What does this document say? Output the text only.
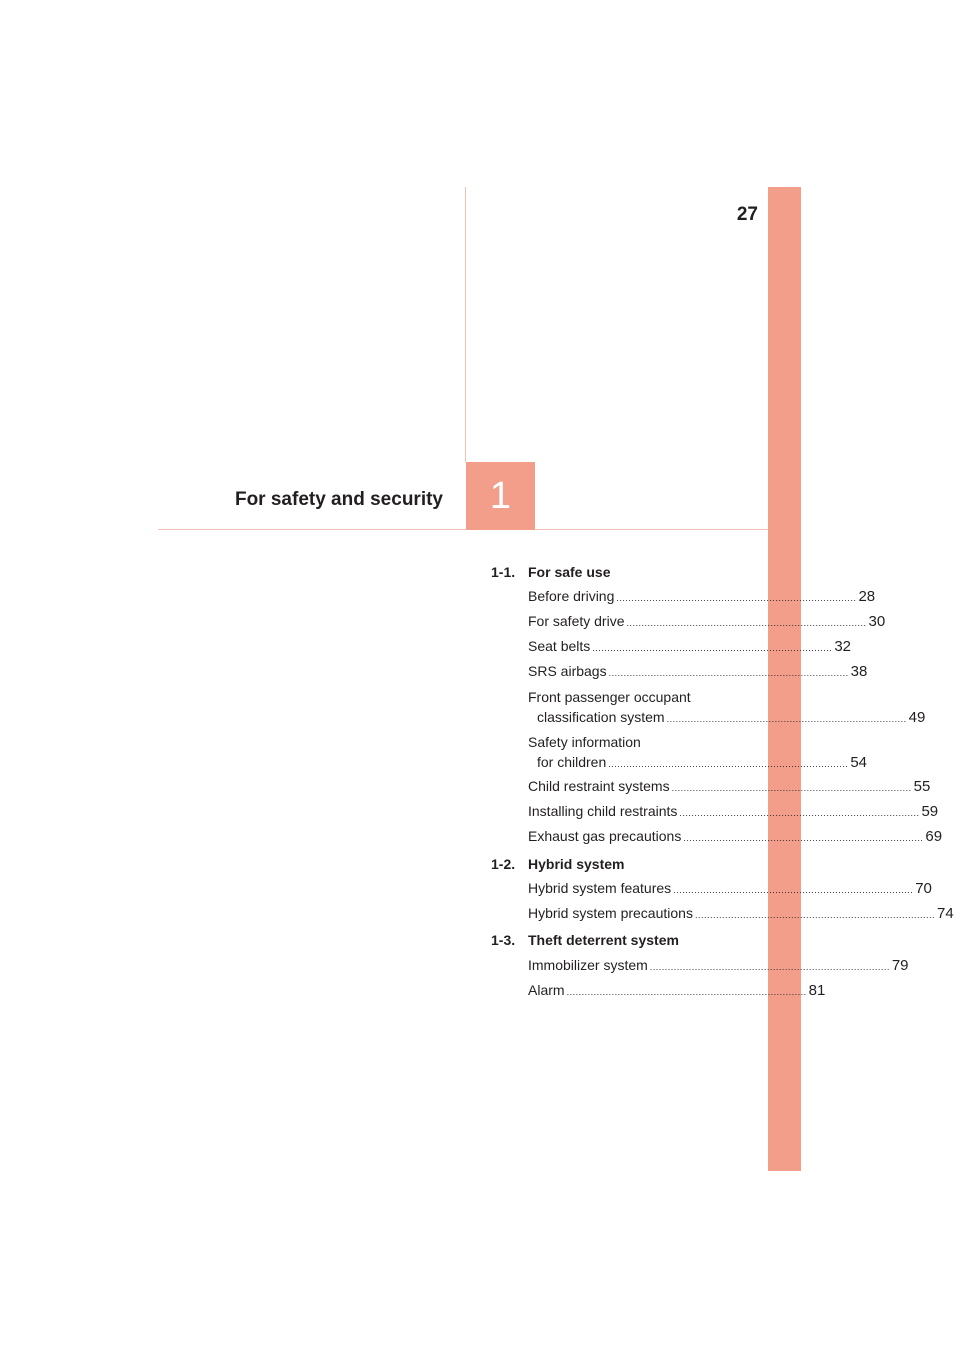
27
For safety and security 1
1-1. For safe use
Before driving ................................................................................ 28
For safety drive ................................................................................ 30
Seat belts ................................................................................ 32
SRS airbags ................................................................................ 38
Front passenger occupant
classification system ................................................................................ 49
Safety information
for children ................................................................................ 54
Child restraint systems ................................................................................ 55
Installing child restraints ................................................................................ 59
Exhaust gas precautions ................................................................................ 69
1-2. Hybrid system
Hybrid system features ................................................................................ 70
Hybrid system precautions ................................................................................ 74
1-3. Theft deterrent system
Immobilizer system ................................................................................ 79
Alarm ................................................................................ 81
